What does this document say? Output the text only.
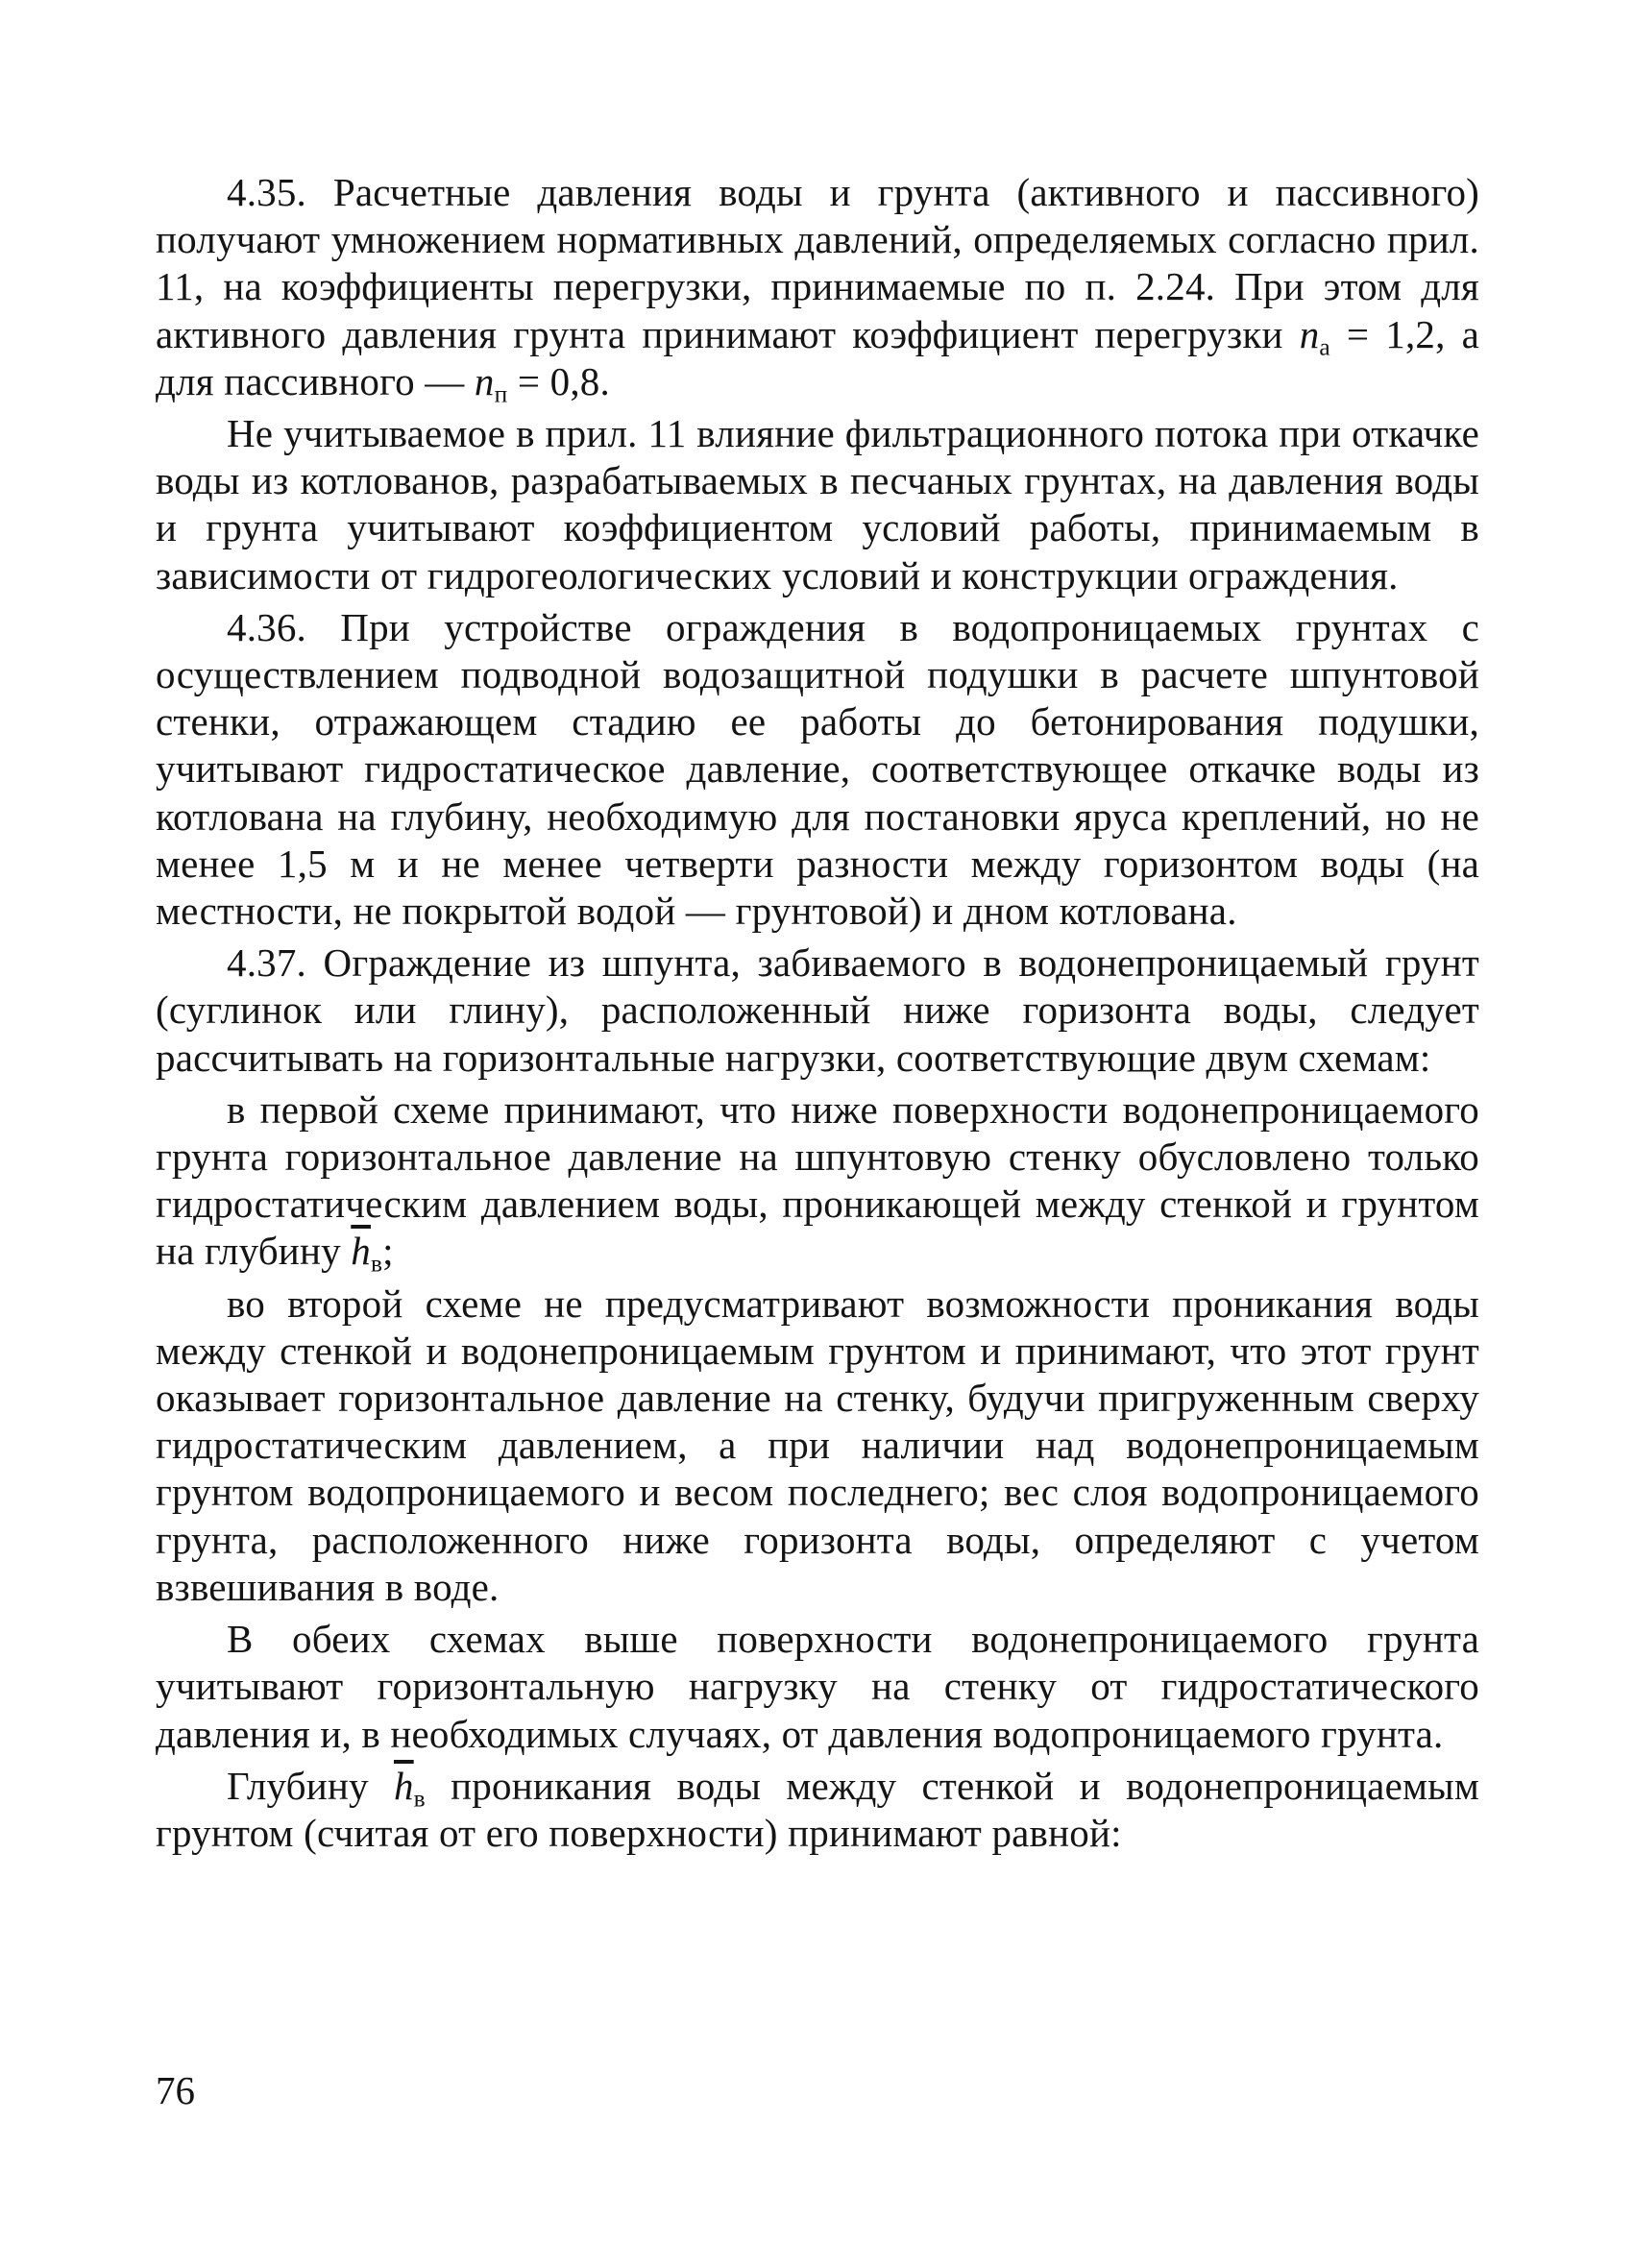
4.35. Расчетные давления воды и грунта (активного и пассивного) получают умножением нормативных давлений, определяемых согласно прил. 11, на коэффициенты перегрузки, принимаемые по п. 2.24. При этом для активного давления грунта принимают коэффициент перегрузки $n_а = 1,2$, а для пассивного — $n_п = 0,8$.

Не учитываемое в прил. 11 влияние фильтрационного потока при откачке воды из котлованов, разрабатываемых в песчаных грунтах, на давления воды и грунта учитывают коэффициентом условий работы, принимаемым в зависимости от гидрогеологических условий и конструкции ограждения.

4.36. При устройстве ограждения в водопроницаемых грунтах с осуществлением подводной водозащитной подушки в расчете шпунтовой стенки, отражающем стадию ее работы до бетонирования подушки, учитывают гидростатическое давление, соответствующее откачке воды из котлована на глубину, необходимую для постановки яруса креплений, но не менее 1,5 м и не менее четверти разности между горизонтом воды (на местности, не покрытой водой — грунтовой) и дном котлована.

4.37. Ограждение из шпунта, забиваемого в водонепроницаемый грунт (суглинок или глину), расположенный ниже горизонта воды, следует рассчитывать на горизонтальные нагрузки, соответствующие двум схемам:

в первой схеме принимают, что ниже поверхности водонепроницаемого грунта горизонтальное давление на шпунтовую стенку обусловлено только гидростатическим давлением воды, проникающей между стенкой и грунтом на глубину $\overline{h}_в$;

во второй схеме не предусматривают возможности проникания воды между стенкой и водонепроницаемым грунтом и принимают, что этот грунт оказывает горизонтальное давление на стенку, будучи пригруженным сверху гидростатическим давлением, а при наличии над водонепроницаемым грунтом водопроницаемого и весом последнего; вес слоя водопроницаемого грунта, расположенного ниже горизонта воды, определяют с учетом взвешивания в воде.

В обеих схемах выше поверхности водонепроницаемого грунта учитывают горизонтальную нагрузку на стенку от гидростатического давления и, в необходимых случаях, от давления водопроницаемого грунта.

Глубину $\overline{h}_в$ проникания воды между стенкой и водонепроницаемым грунтом (считая от его поверхности) принимают равной:

76
